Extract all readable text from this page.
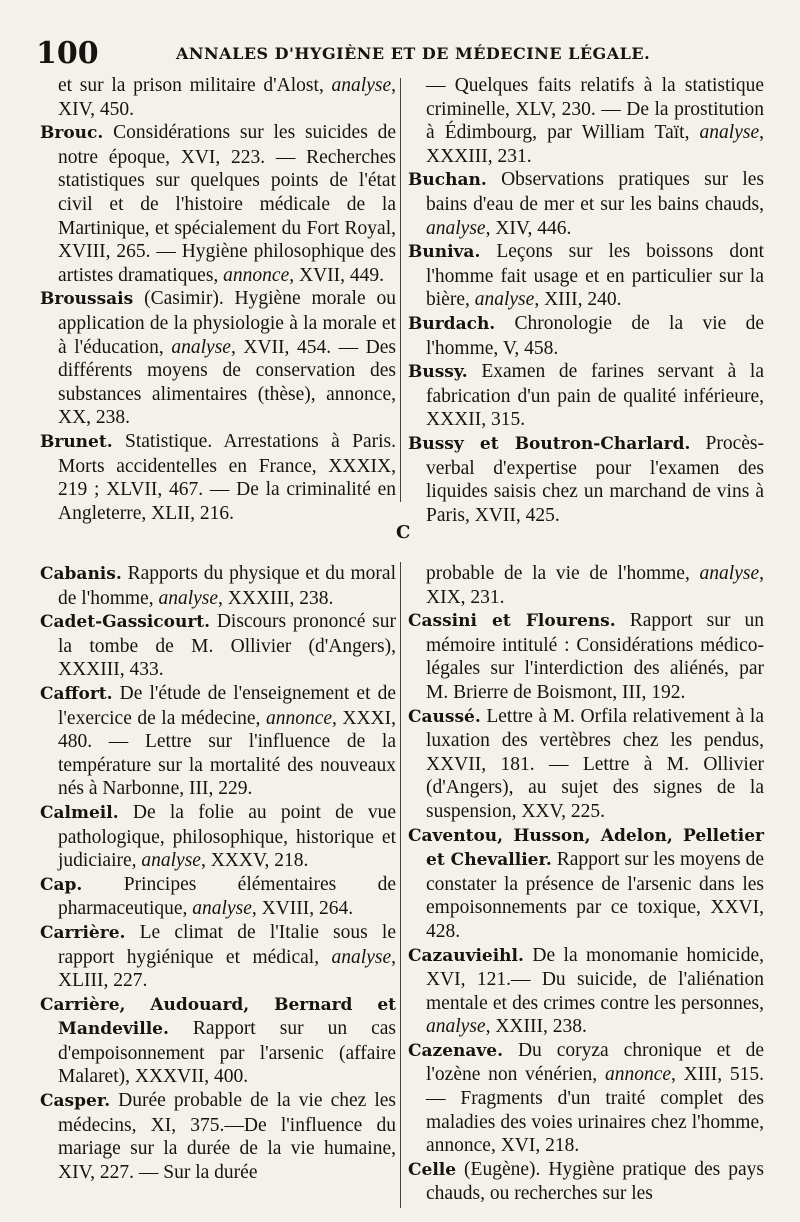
100	ANNALES D'HYGIÈNE ET DE MÉDECINE LÉGALE.

et sur la prison militaire d'Alost, analyse, XIV, 450.

Brouc. Considérations sur les suicides de notre époque, XVI, 223. — Recherches statistiques sur quelques points de l'état civil et de l'histoire médicale de la Martinique, et spécialement du Fort Royal, XVIII, 265. — Hygiène philosophique des artistes dramatiques, annonce, XVII, 449.

Broussais (Casimir). Hygiène morale ou application de la physiologie à la morale et à l'éducation, analyse, XVII, 454. — Des différents moyens de conservation des substances alimentaires (thèse), annonce, XX, 238.

Brunet. Statistique. Arrestations à Paris. Morts accidentelles en France, XXXIX, 219 ; XLVII, 467. — De la criminalité en Angleterre, XLII, 216.

— Quelques faits relatifs à la statistique criminelle, XLV, 230. — De la prostitution à Édimbourg, par William Taït, analyse, XXXIII, 231.

Buchan. Observations pratiques sur les bains d'eau de mer et sur les bains chauds, analyse, XIV, 446.

Buniva. Leçons sur les boissons dont l'homme fait usage et en particulier sur la bière, analyse, XIII, 240.

Burdach. Chronologie de la vie de l'homme, V, 458.

Bussy. Examen de farines servant à la fabrication d'un pain de qualité inférieure, XXXII, 315.

Bussy et Boutron-Charlard. Procès-verbal d'expertise pour l'examen des liquides saisis chez un marchand de vins à Paris, XVII, 425.

C

Cabanis. Rapports du physique et du moral de l'homme, analyse, XXXIII, 238.

Cadet-Gassicourt. Discours prononcé sur la tombe de M. Ollivier (d'Angers), XXXIII, 433.

Caffort. De l'étude de l'enseignement et de l'exercice de la médecine, annonce, XXXI, 480. — Lettre sur l'influence de la température sur la mortalité des nouveaux nés à Narbonne, III, 229.

Calmeil. De la folie au point de vue pathologique, philosophique, historique et judiciaire, analyse, XXXV, 218.

Cap. Principes élémentaires de pharmaceutique, analyse, XVIII, 264.

Carrière. Le climat de l'Italie sous le rapport hygiénique et médical, analyse, XLIII, 227.

Carrière, Audouard, Bernard et Mandeville. Rapport sur un cas d'empoisonnement par l'arsenic (affaire Malaret), XXXVII, 400.

Casper. Durée probable de la vie chez les médecins, XI, 375.—De l'influence du mariage sur la durée de la vie humaine, XIV, 227. — Sur la durée

probable de la vie de l'homme, analyse, XIX, 231.

Cassini et Flourens. Rapport sur un mémoire intitulé : Considérations médico-légales sur l'interdiction des aliénés, par M. Brierre de Boismont, III, 192.

Caussé. Lettre à M. Orfila relativement à la luxation des vertèbres chez les pendus, XXVII, 181. — Lettre à M. Ollivier (d'Angers), au sujet des signes de la suspension, XXV, 225.

Caventou, Husson, Adelon, Pelletier et Chevallier. Rapport sur les moyens de constater la présence de l'arsenic dans les empoisonnements par ce toxique, XXVI, 428.

Cazauvieihl. De la monomanie homicide, XVI, 121.— Du suicide, de l'aliénation mentale et des crimes contre les personnes, analyse, XXIII, 238.

Cazenave. Du coryza chronique et de l'ozène non vénérien, annonce, XIII, 515.— Fragments d'un traité complet des maladies des voies urinaires chez l'homme, annonce, XVI, 218.

Celle (Eugène). Hygiène pratique des pays chauds, ou recherches sur les
